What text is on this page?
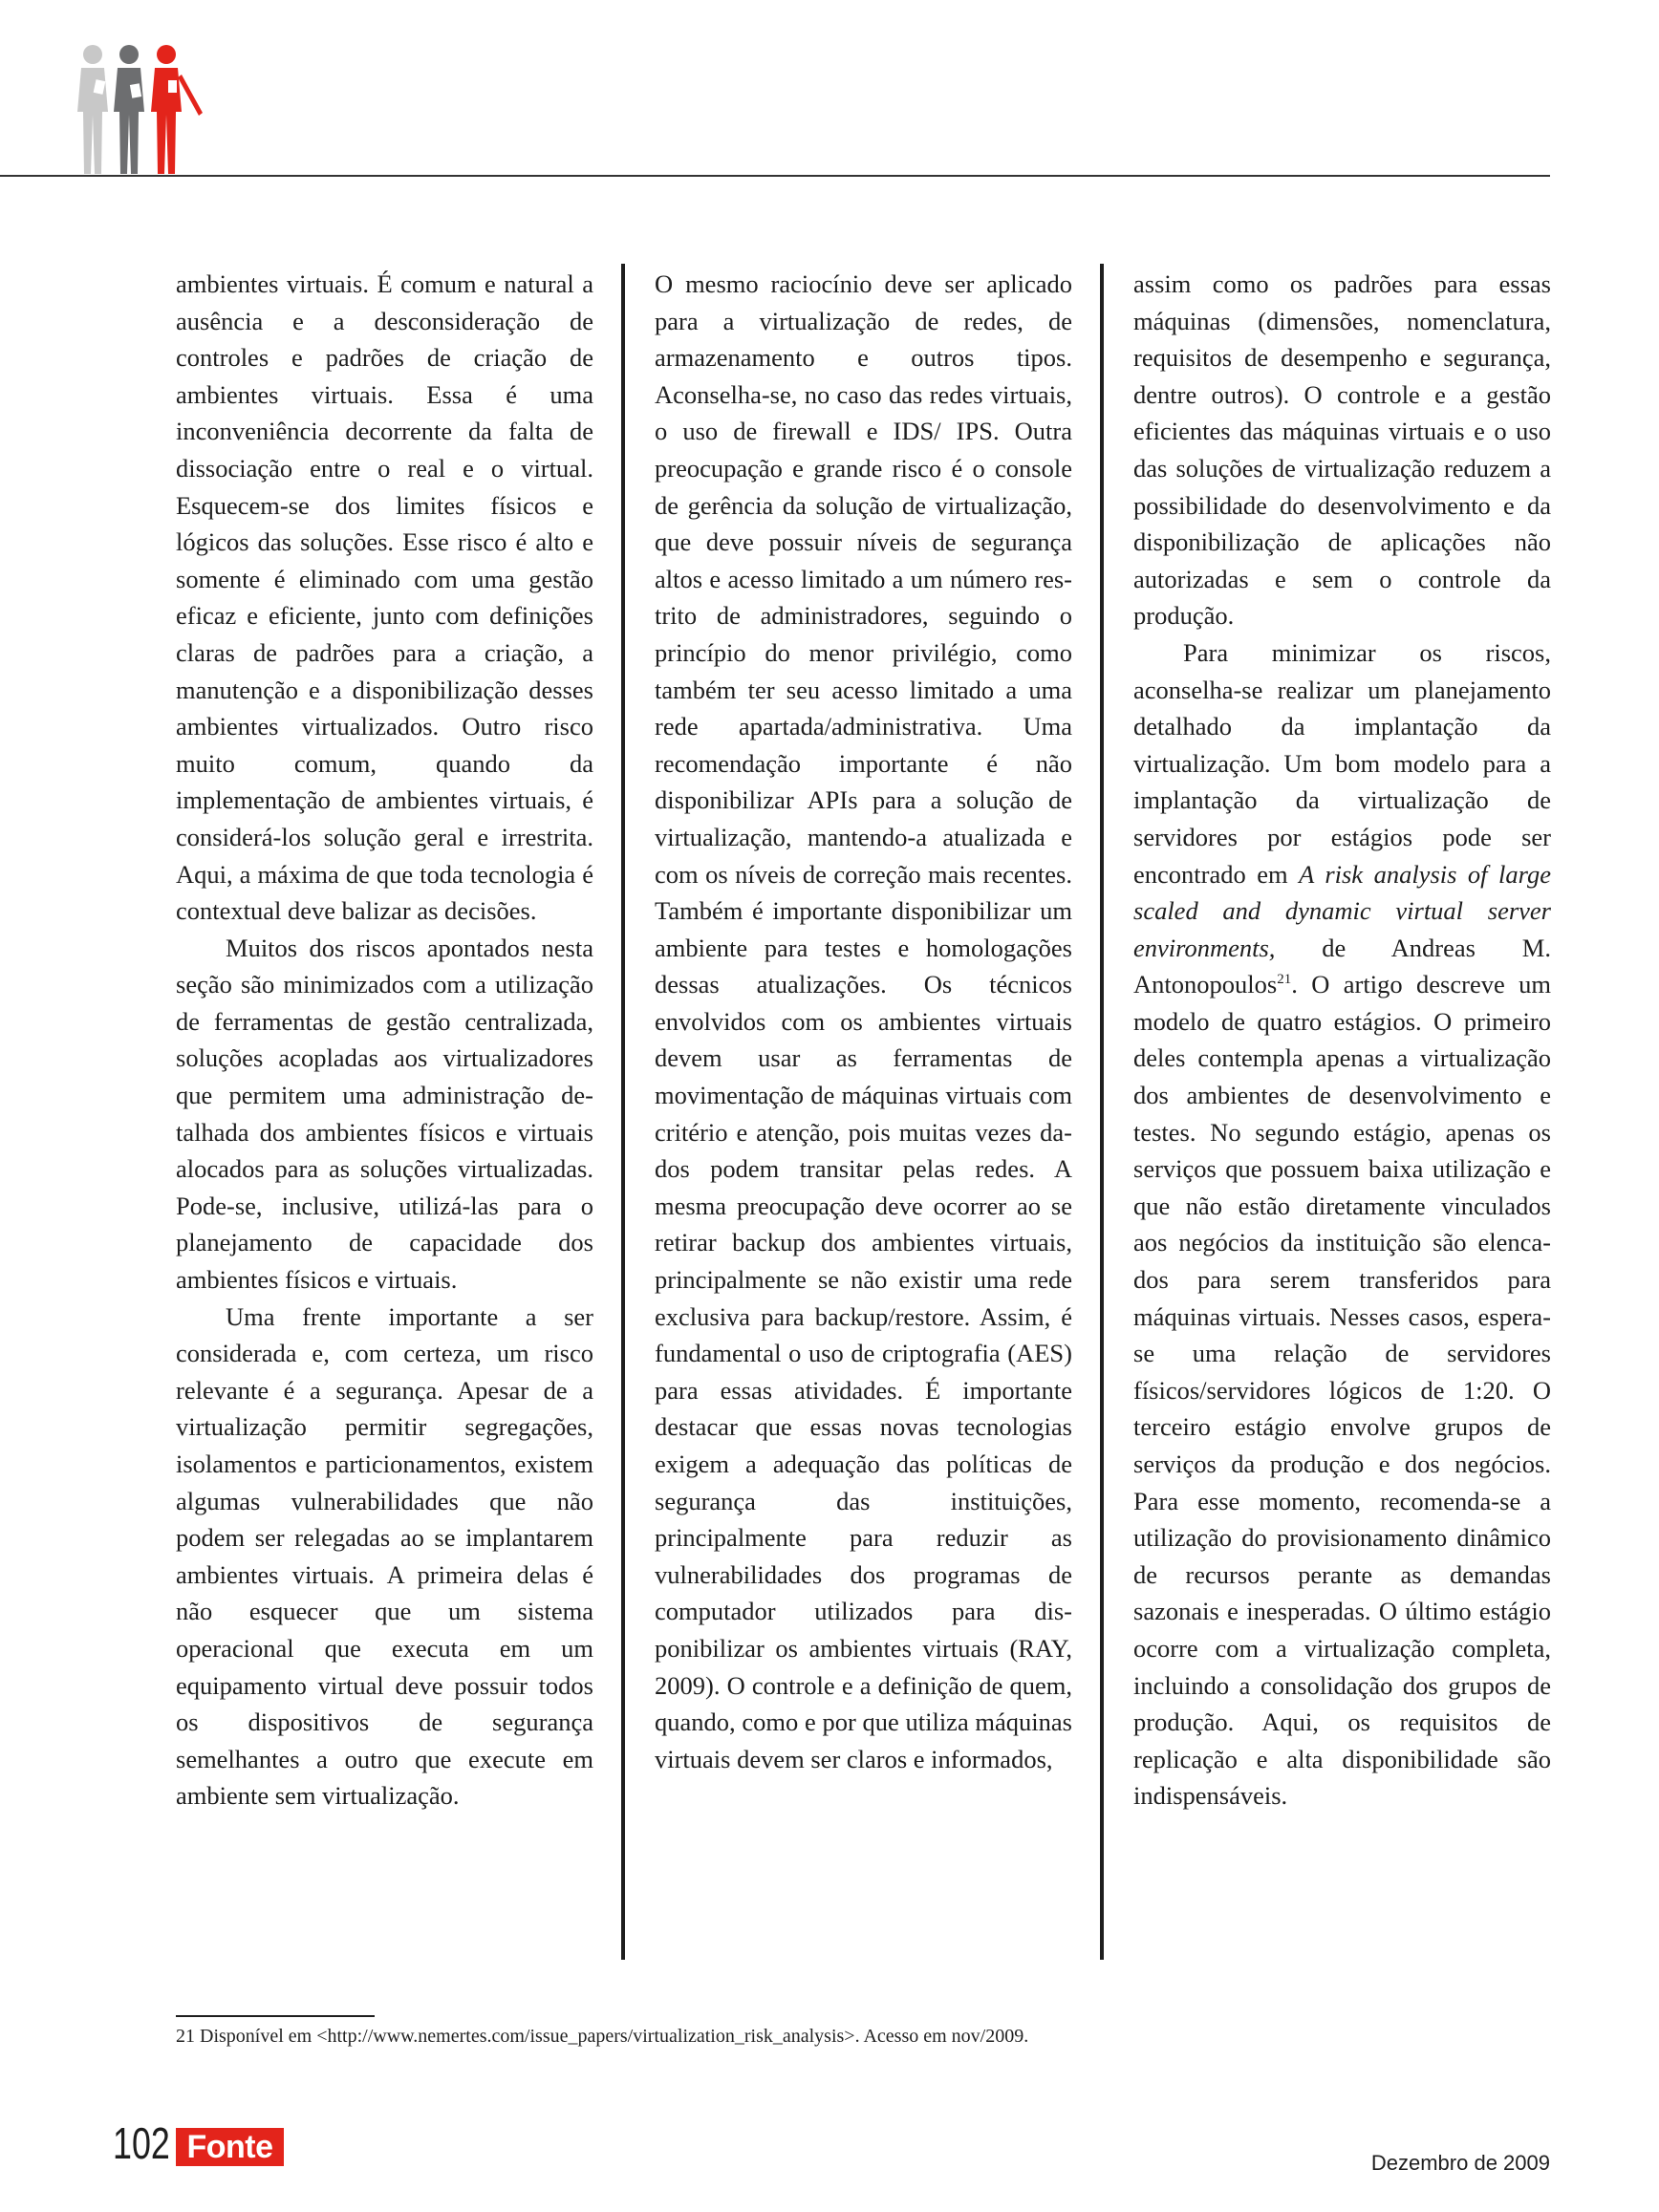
ambientes virtuais. É comum e natural a ausência e a desconsideração de controles e padrões de criação de ambientes virtuais. Essa é uma inconveniência decorrente da falta de dissociação entre o real e o virtual. Esquecem-se dos limites físicos e lógicos das soluções. Esse risco é alto e somente é eliminado com uma gestão eficaz e eficiente, junto com definições claras de padrões para a criação, a manutenção e a disponibilização desses ambientes virtualizados. Outro risco muito comum, quando da implementação de ambientes virtuais, é considerá-los solução geral e irrestrita. Aqui, a máxima de que toda tecnologia é contextual deve balizar as decisões.

Muitos dos riscos apontados nesta seção são minimizados com a utilização de ferramentas de gestão centralizada, soluções acopladas aos virtualizadores que permitem uma administração detalhada dos ambientes físicos e virtuais alocados para as soluções virtualizadas. Pode-se, inclusive, utilizá-las para o planejamento de capacidade dos ambientes físicos e virtuais.

Uma frente importante a ser considerada e, com certeza, um risco relevante é a segurança. Apesar de a virtualização permitir segregações, isolamentos e particionamentos, existem algumas vulnerabilidades que não podem ser relegadas ao se implantarem ambientes virtuais. A primeira delas é não esquecer que um sistema operacional que executa em um equipamento virtual deve possuir todos os dispositivos de segurança semelhantes a outro que execute em ambiente sem virtualização.

O mesmo raciocínio deve ser aplicado para a virtualização de redes, de armazenamento e outros tipos. Aconselha-se, no caso das redes virtuais, o uso de firewall e IDS/ IPS. Outra preocupação e grande risco é o console de gerência da solução de virtualização, que deve possuir níveis de segurança altos e acesso limitado a um número restrito de administradores, seguindo o princípio do menor privilégio, como também ter seu acesso limitado a uma rede apartada/administrativa. Uma recomendação importante é não disponibilizar APIs para a solução de virtualização, mantendo-a atualizada e com os níveis de correção mais recentes. Também é importante disponibilizar um ambiente para testes e homologações dessas atualizações. Os técnicos envolvidos com os ambientes virtuais devem usar as ferramentas de movimentação de máquinas virtuais com critério e atenção, pois muitas vezes dados podem transitar pelas redes. A mesma preocupação deve ocorrer ao se retirar backup dos ambientes virtuais, principalmente se não existir uma rede exclusiva para backup/restore. Assim, é fundamental o uso de criptografia (AES) para essas atividades. É importante destacar que essas novas tecnologias exigem a adequação das políticas de segurança das instituições, principalmente para reduzir as vulnerabilidades dos programas de computador utilizados para disponibilizar os ambientes virtuais (RAY, 2009). O controle e a definição de quem, quando, como e por que utiliza máquinas virtuais devem ser claros e informados,

assim como os padrões para essas máquinas (dimensões, nomenclatura, requisitos de desempenho e segurança, dentre outros). O controle e a gestão eficientes das máquinas virtuais e o uso das soluções de virtualização reduzem a possibilidade do desenvolvimento e da disponibilização de aplicações não autorizadas e sem o controle da produção.

Para minimizar os riscos, aconselha-se realizar um planejamento detalhado da implantação da virtualização. Um bom modelo para a implantação da virtualização de servidores por estágios pode ser encontrado em A risk analysis of large scaled and dynamic virtual server environments, de Andreas M. Antonopoulos$^{21}$. O artigo descreve um modelo de quatro estágios. O primeiro deles contempla apenas a virtualização dos ambientes de desenvolvimento e testes. No segundo estágio, apenas os serviços que possuem baixa utilização e que não estão diretamente vinculados aos negócios da instituição são elencados para serem transferidos para máquinas virtuais. Nesses casos, espera-se uma relação de servidores físicos/servidores lógicos de 1:20. O terceiro estágio envolve grupos de serviços da produção e dos negócios. Para esse momento, recomenda-se a utilização do provisionamento dinâmico de recursos perante as demandas sazonais e inesperadas. O último estágio ocorre com a virtualização completa, incluindo a consolidação dos grupos de produção. Aqui, os requisitos de replicação e alta disponibilidade são indispensáveis.

21 Disponível em <http://www.nemertes.com/issue_papers/virtualization_risk_analysis>. Acesso em nov/2009.
102 Fonte	Dezembro de 2009
